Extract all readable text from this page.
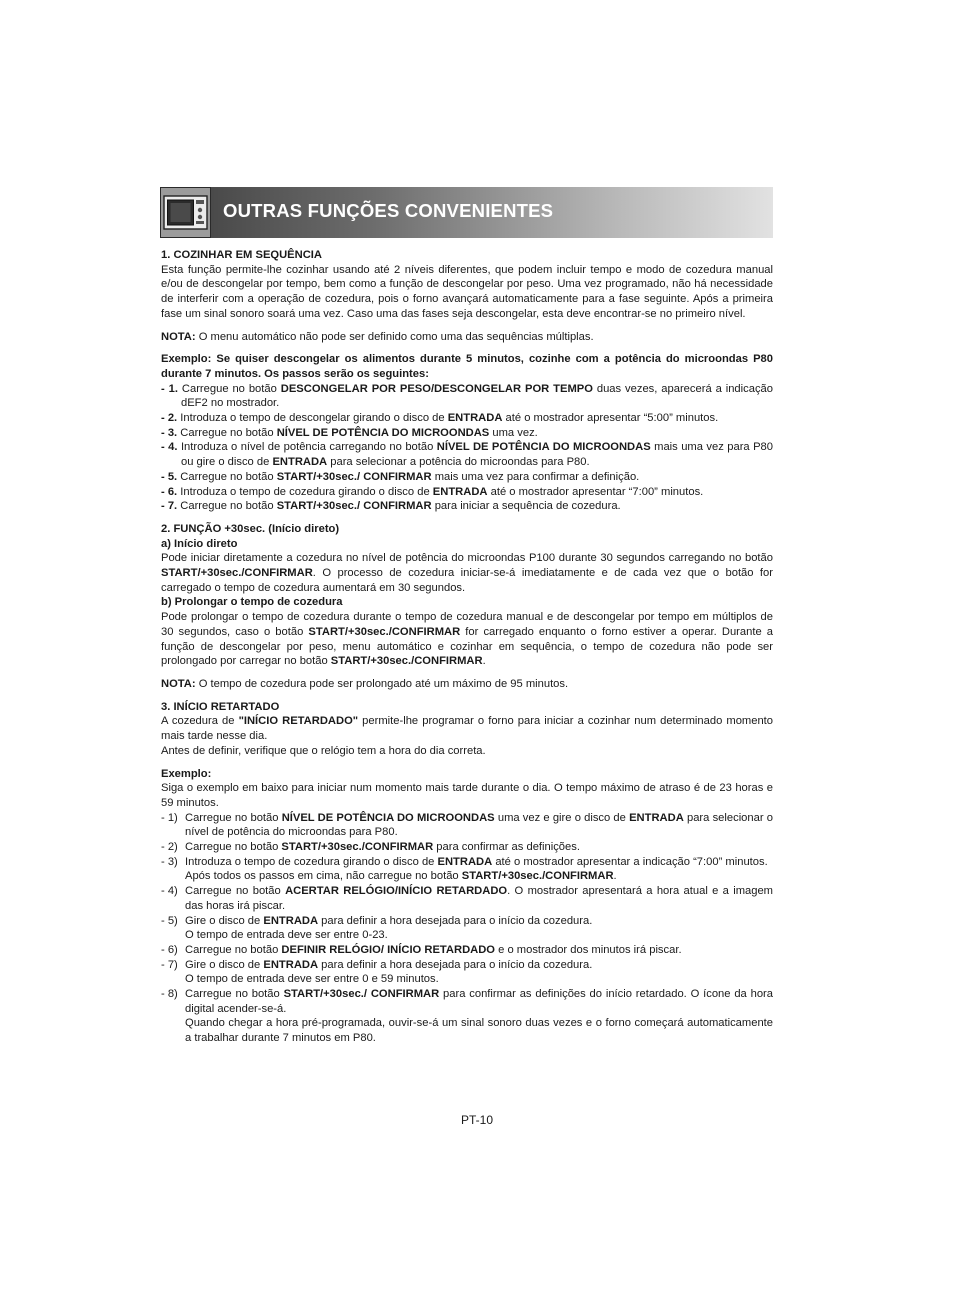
OUTRAS FUNÇÕES CONVENIENTES

1. COZINHAR EM SEQUÊNCIA

Esta função permite-lhe cozinhar usando até 2 níveis diferentes, que podem incluir tempo e modo de cozedura manual e/ou de descongelar por tempo, bem como a função de descongelar por peso. Uma vez programado, não há necessidade de interferir com a operação de cozedura, pois o forno avançará automaticamente para a fase seguinte. Após a primeira fase um sinal sonoro soará uma vez. Caso uma das fases seja descongelar, esta deve encontrar-se no primeiro nível.

NOTA: O menu automático não pode ser definido como uma das sequências múltiplas.

Exemplo: Se quiser descongelar os alimentos durante 5 minutos, cozinhe com a potência do microondas P80 durante 7 minutos. Os passos serão os seguintes:

- 1. Carregue no botão DESCONGELAR POR PESO/DESCONGELAR POR TEMPO duas vezes, aparecerá a indicação dEF2 no mostrador.

- 2. Introduza o tempo de descongelar girando o disco de ENTRADA até o mostrador apresentar “5:00” minutos.

- 3. Carregue no botão NÍVEL DE POTÊNCIA DO MICROONDAS uma vez.

- 4. Introduza o nível de potência carregando no botão NÍVEL DE POTÊNCIA DO MICROONDAS mais uma vez para P80 ou gire o disco de ENTRADA para selecionar a potência do microondas para P80.

- 5. Carregue no botão START/+30sec./ CONFIRMAR mais uma vez para confirmar a definição.

- 6. Introduza o tempo de cozedura girando o disco de ENTRADA até o mostrador apresentar “7:00” minutos.

- 7. Carregue no botão START/+30sec./ CONFIRMAR para iniciar a sequência de cozedura.

2. FUNÇÃO +30sec. (Início direto)

a) Início direto

Pode iniciar diretamente a cozedura no nível de potência do microondas P100 durante 30 segundos carregando no botão START/+30sec./CONFIRMAR. O processo de cozedura iniciar-se-á imediatamente e de cada vez que o botão for carregado o tempo de cozedura aumentará em 30 segundos.

b) Prolongar o tempo de cozedura

Pode prolongar o tempo de cozedura durante o tempo de cozedura manual e de descongelar por tempo em múltiplos de 30 segundos, caso o botão START/+30sec./CONFIRMAR for carregado enquanto o forno estiver a operar. Durante a função de descongelar por peso, menu automático e cozinhar em sequência, o tempo de cozedura não pode ser prolongado por carregar no botão START/+30sec./CONFIRMAR.

NOTA: O tempo de cozedura pode ser prolongado até um máximo de 95 minutos.

3. INÍCIO RETARTADO

A cozedura de "INÍCIO RETARDADO" permite-lhe programar o forno para iniciar a cozinhar num determinado momento mais tarde nesse dia.

Antes de definir, verifique que o relógio tem a hora do dia correta.

Exemplo:

Siga o exemplo em baixo para iniciar num momento mais tarde durante o dia. O tempo máximo de atraso é de 23 horas e 59 minutos.

- 1) Carregue no botão NÍVEL DE POTÊNCIA DO MICROONDAS uma vez e gire o disco de ENTRADA para selecionar o nível de potência do microondas para P80.

- 2) Carregue no botão START/+30sec./CONFIRMAR para confirmar as definições.

- 3) Introduza o tempo de cozedura girando o disco de ENTRADA até o mostrador apresentar a indicação “7:00” minutos.

Após todos os passos em cima, não carregue no botão START/+30sec./CONFIRMAR.

- 4) Carregue no botão ACERTAR RELÓGIO/INÍCIO RETARDADO. O mostrador apresentará a hora atual e a imagem das horas irá piscar.

- 5) Gire o disco de ENTRADA para definir a hora desejada para o início da cozedura.

O tempo de entrada deve ser entre 0-23.

- 6) Carregue no botão DEFINIR RELÓGIO/ INÍCIO RETARDADO e o mostrador dos minutos irá piscar.

- 7) Gire o disco de ENTRADA para definir a hora desejada para o início da cozedura.

O tempo de entrada deve ser entre 0 e 59 minutos.

- 8) Carregue no botão START/+30sec./ CONFIRMAR para confirmar as definições do início retardado. O ícone da hora digital acender-se-á.

Quando chegar a hora pré-programada, ouvir-se-á um sinal sonoro duas vezes e o forno começará automaticamente a trabalhar durante 7 minutos em P80.

PT-10
